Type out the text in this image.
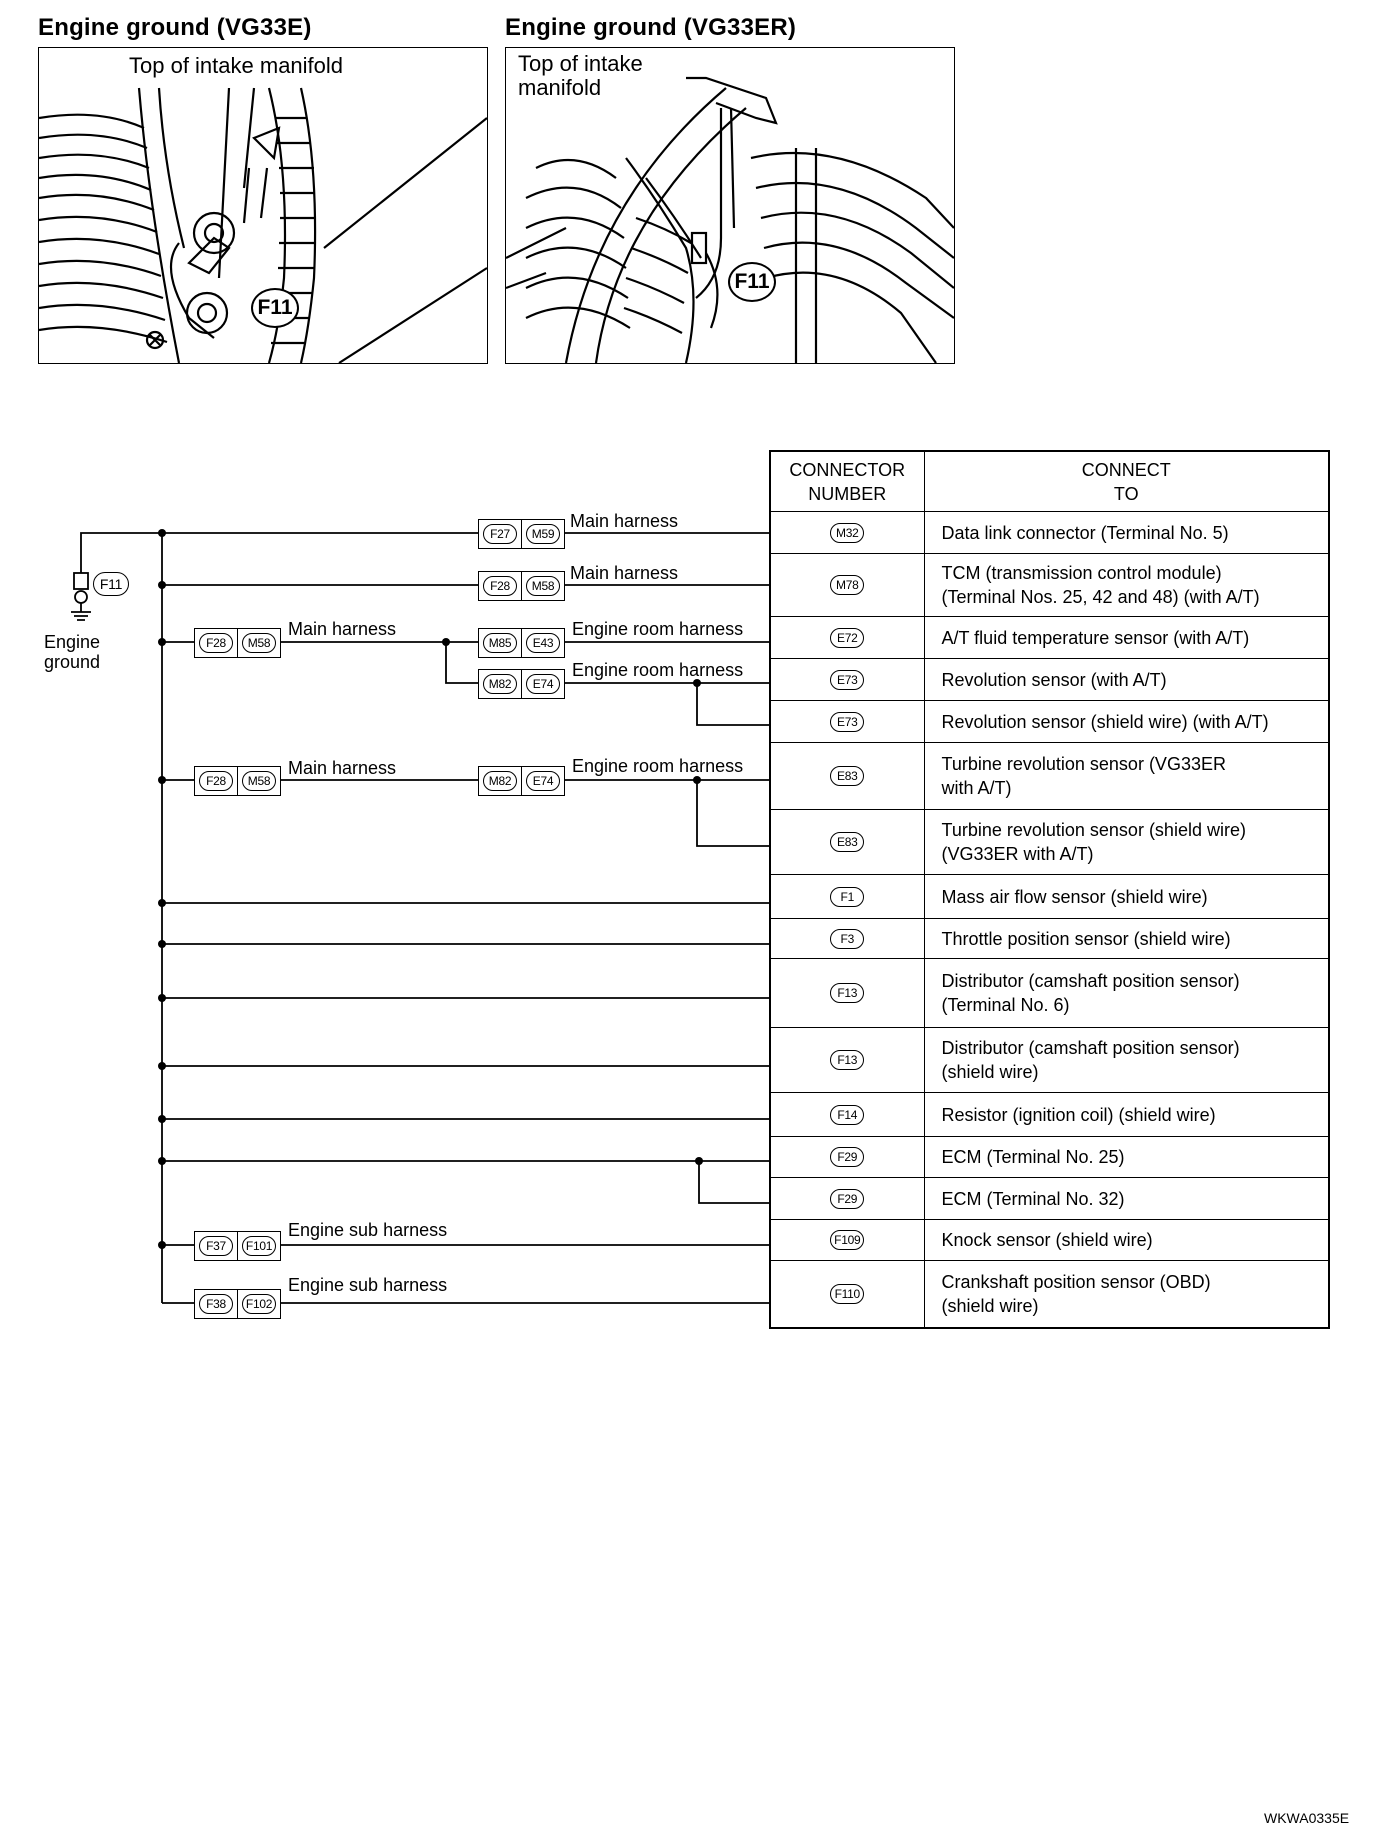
Engine ground (VG33E)	Engine ground (VG33ER)
Top of intake manifold
F11
Top of intake
manifold
F11
F11
Engine
ground
F27	M59
F28	M58
F28	M58	M85	E43
M82	E74
F28	M58	M82	E74
F37	F101
F38	F102
Main harness
Main harness
Main harness	Engine room harness
Engine room harness
Main harness	Engine room harness
Engine sub harness
Engine sub harness
CONNECTOR
NUMBER	CONNECT
TO
M32	Data link connector (Terminal No. 5)
M78	TCM (transmission control module)
(Terminal Nos. 25, 42 and 48) (with A/T)
E72	A/T fluid temperature sensor (with A/T)
E73	Revolution sensor (with A/T)
E73	Revolution sensor (shield wire) (with A/T)
E83	Turbine revolution sensor (VG33ER
with A/T)
E83	Turbine revolution sensor (shield wire)
(VG33ER with A/T)
F1	Mass air flow sensor (shield wire)
F3	Throttle position sensor (shield wire)
F13	Distributor (camshaft position sensor)
(Terminal No. 6)
F13	Distributor (camshaft position sensor)
(shield wire)
F14	Resistor (ignition coil) (shield wire)
F29	ECM (Terminal No. 25)
F29	ECM (Terminal No. 32)
F109	Knock sensor (shield wire)
F110	Crankshaft position sensor (OBD)
(shield wire)
WKWA0335E
